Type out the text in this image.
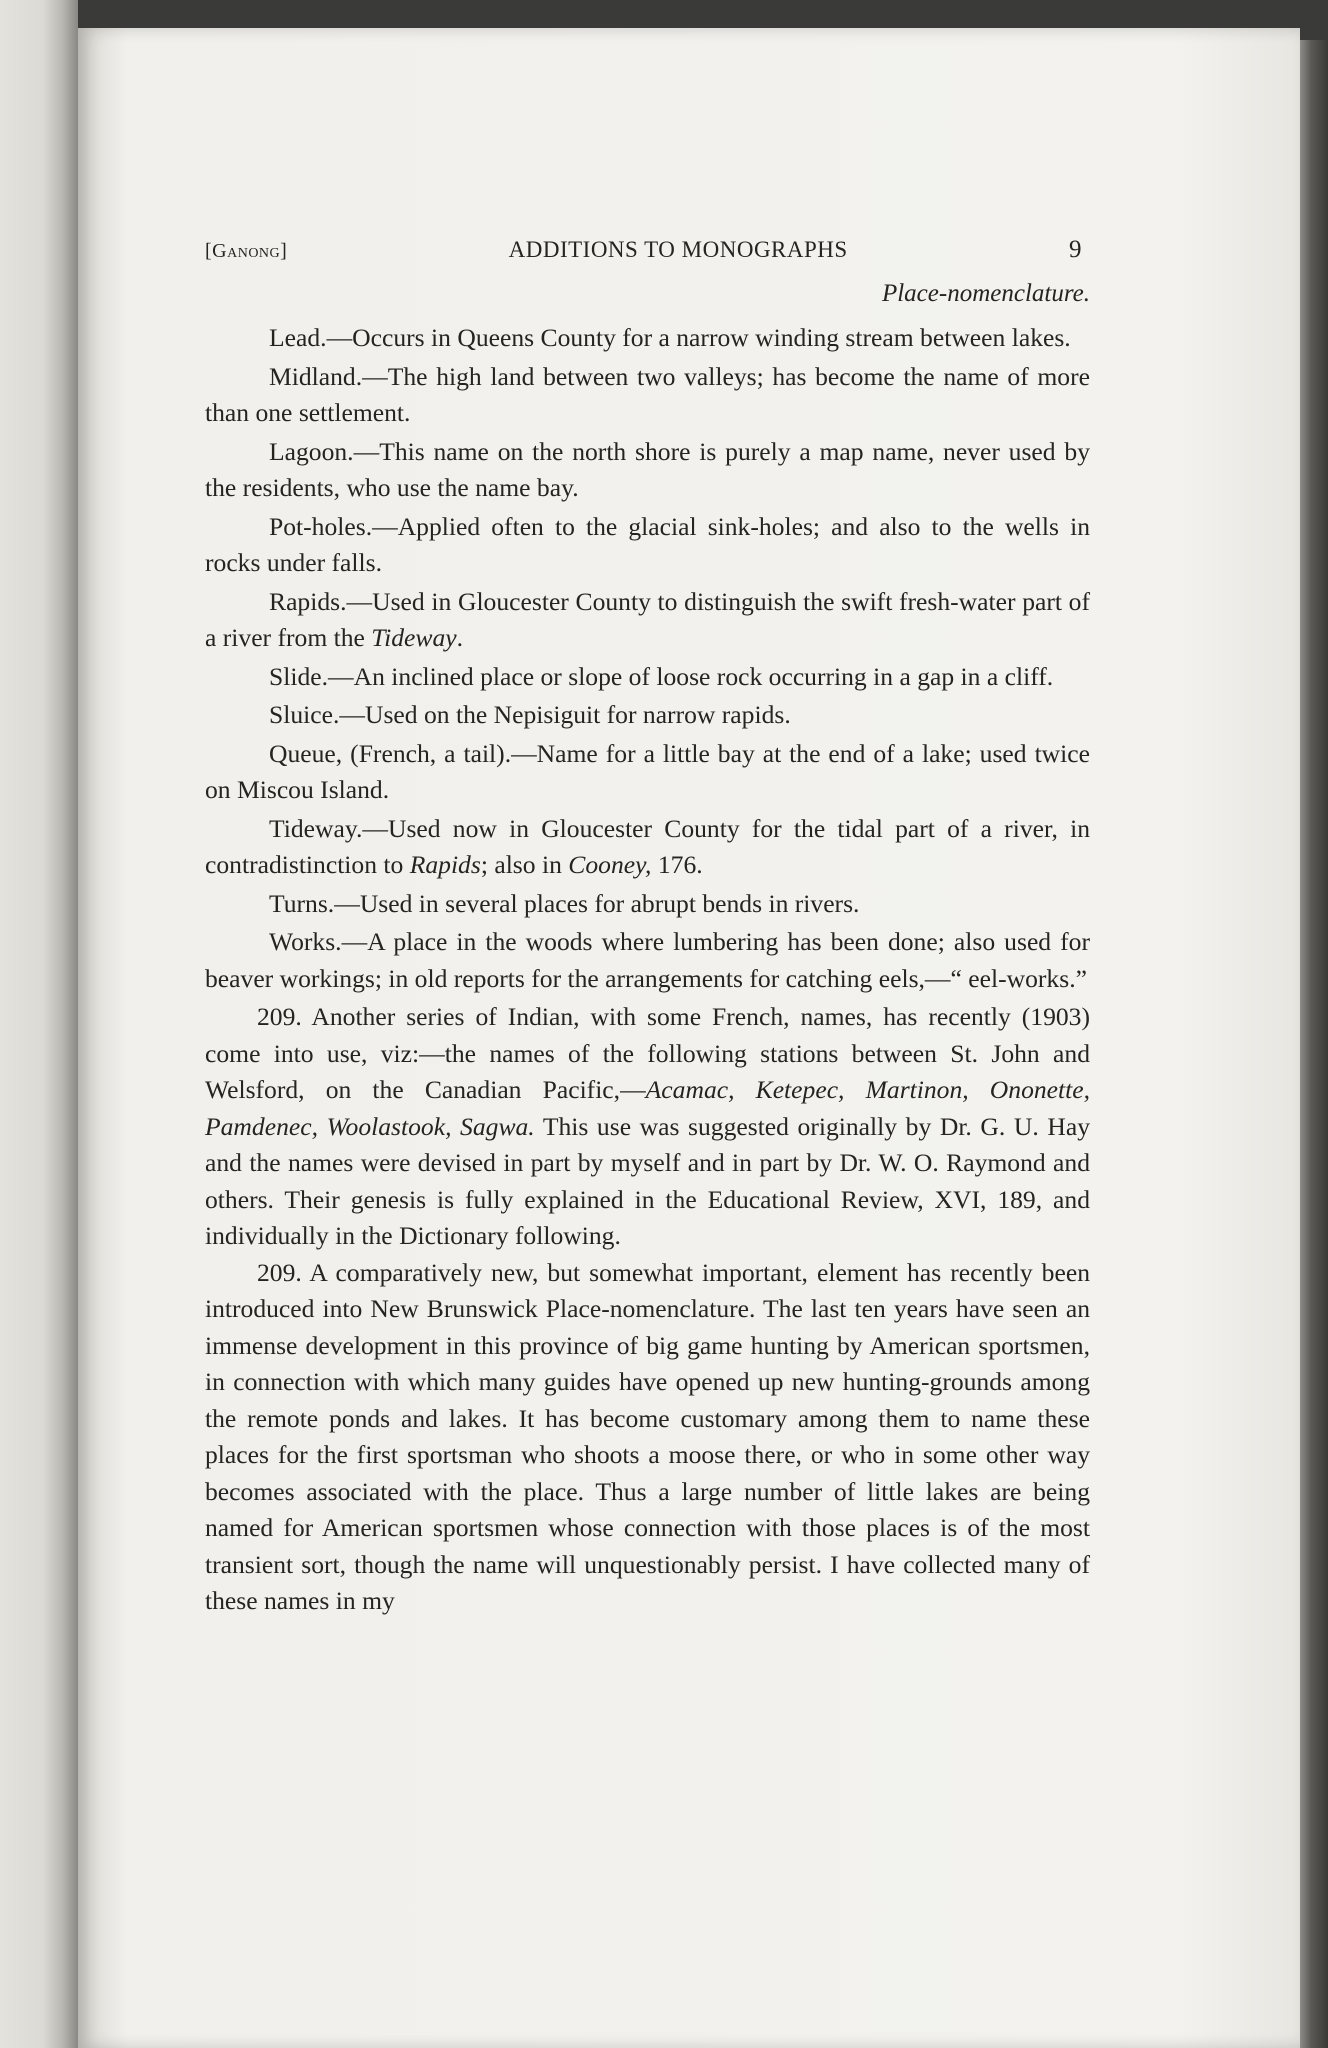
[Ganong]	ADDITIONS TO MONOGRAPHS	9
Place-nomenclature.

Lead.—Occurs in Queens County for a narrow winding stream between lakes.

Midland.—The high land between two valleys; has become the name of more than one settlement.

Lagoon.—This name on the north shore is purely a map name, never used by the residents, who use the name bay.

Pot-holes.—Applied often to the glacial sink-holes; and also to the wells in rocks under falls.

Rapids.—Used in Gloucester County to distinguish the swift fresh-water part of a river from the Tideway.

Slide.—An inclined place or slope of loose rock occurring in a gap in a cliff.

Sluice.—Used on the Nepisiguit for narrow rapids.

Queue, (French, a tail).—Name for a little bay at the end of a lake; used twice on Miscou Island.

Tideway.—Used now in Gloucester County for the tidal part of a river, in contradistinction to Rapids; also in Cooney, 176.

Turns.—Used in several places for abrupt bends in rivers.

Works.—A place in the woods where lumbering has been done; also used for beaver workings; in old reports for the arrangements for catching eels,—“ eel-works.”

209. Another series of Indian, with some French, names, has recently (1903) come into use, viz:—the names of the following stations between St. John and Welsford, on the Canadian Pacific,—Acamac, Ketepec, Martinon, Ononette, Pamdenec, Woolastook, Sagwa. This use was suggested originally by Dr. G. U. Hay and the names were devised in part by myself and in part by Dr. W. O. Raymond and others. Their genesis is fully explained in the Educational Review, XVI, 189, and individually in the Dictionary following.

209. A comparatively new, but somewhat important, element has recently been introduced into New Brunswick Place-nomenclature. The last ten years have seen an immense development in this province of big game hunting by American sportsmen, in connection with which many guides have opened up new hunting-grounds among the remote ponds and lakes. It has become customary among them to name these places for the first sportsman who shoots a moose there, or who in some other way becomes associated with the place. Thus a large number of little lakes are being named for American sportsmen whose connection with those places is of the most transient sort, though the name will unquestionably persist. I have collected many of these names in my
